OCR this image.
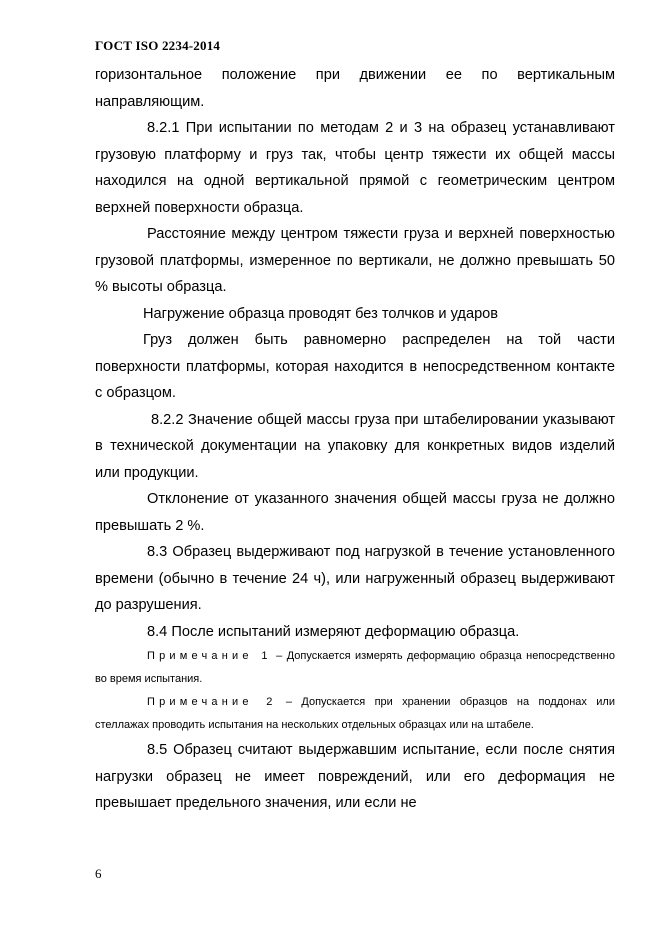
ГОСТ ISO 2234-2014

горизонтальное положение при движении ее по вертикальным направляющим.

8.2.1 При испытании по методам 2 и 3 на образец устанавливают грузовую платформу и груз так, чтобы центр тяжести их общей массы находился на одной вертикальной прямой с геометрическим центром верхней поверхности образца.

Расстояние между центром тяжести груза и верхней поверхностью грузовой платформы, измеренное по вертикали, не должно превышать 50 % высоты образца.

Нагружение образца проводят без толчков и ударов

Груз должен быть равномерно распределен на той части поверхности платформы, которая находится в непосредственном контакте с образцом.

8.2.2 Значение общей массы груза при штабелировании указывают в технической документации на упаковку для конкретных видов изделий или продукции.

Отклонение от указанного значения общей массы груза не должно превышать 2 %.

8.3 Образец выдерживают под нагрузкой в течение установленного времени (обычно в течение 24 ч), или нагруженный образец выдерживают до разрушения.

8.4 После испытаний измеряют деформацию образца.

Примечание 1 – Допускается измерять деформацию образца непосредственно во время испытания.

Примечание 2 – Допускается при хранении образцов на поддонах или стеллажах проводить испытания на нескольких отдельных образцах или на штабеле.

8.5 Образец считают выдержавшим испытание, если после снятия нагрузки образец не имеет повреждений, или его деформация не превышает предельного значения, или если не

6
